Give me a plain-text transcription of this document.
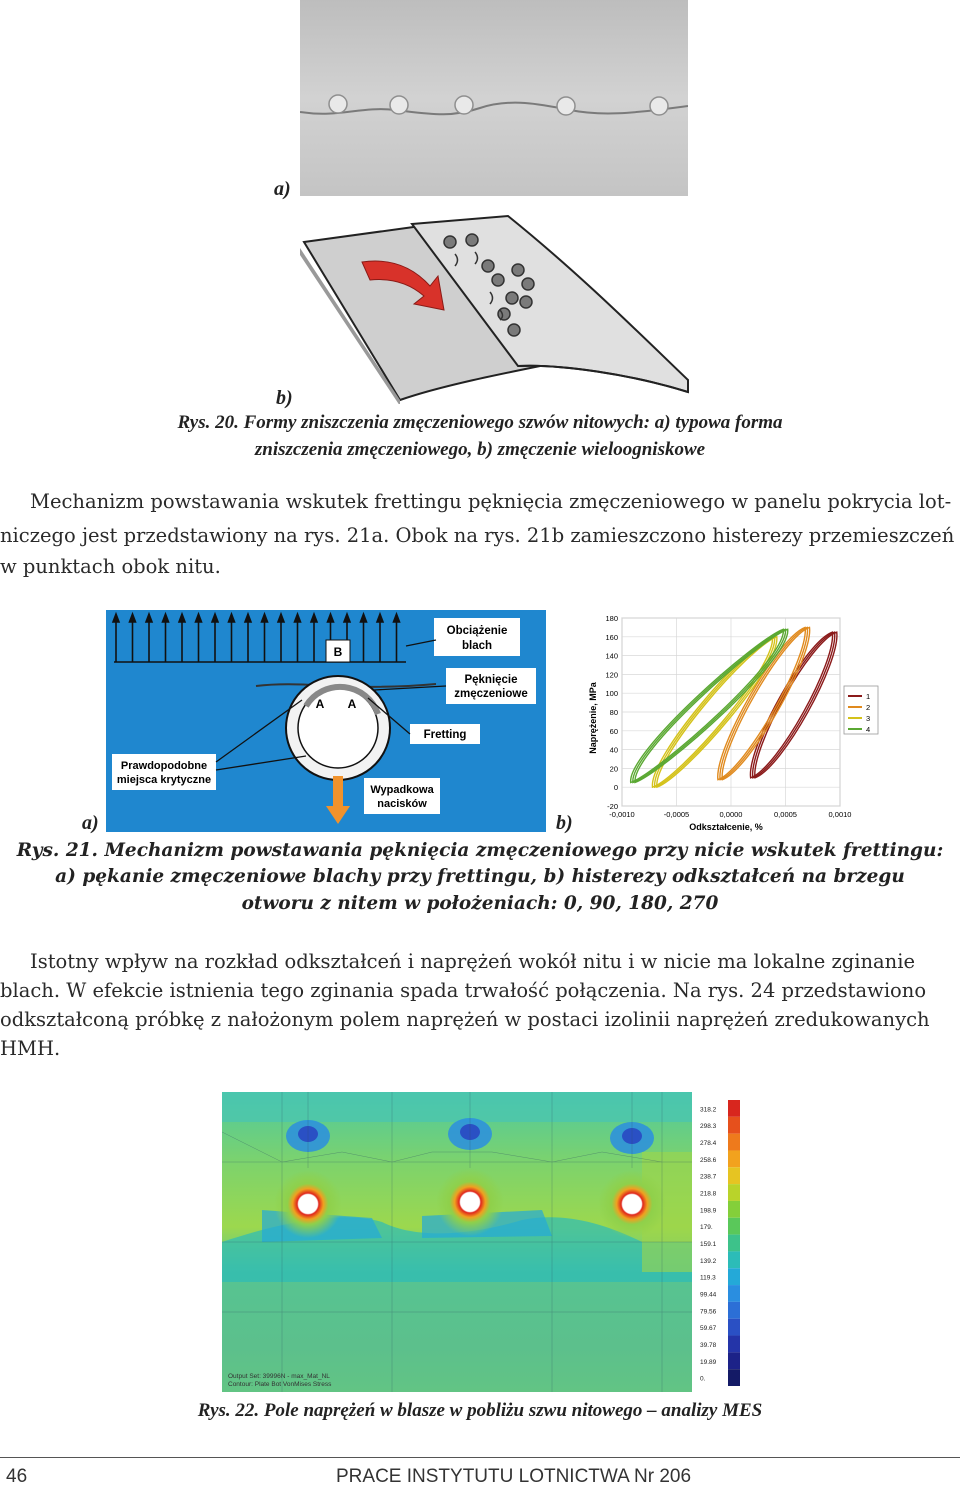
a)
b)
Rys. 20. Formy zniszczenia zmęczeniowego szwów nitowych: a) typowa forma
zniszczenia zmęczeniowego, b) zmęczenie wieloogniskowe
Mechanizm powstawania wskutek frettingu pęknięcia zmęczeniowego w panelu pokrycia lot-
niczego jest przedstawiony na rys. 21a. Obok na rys. 21b zamieszczono histerezy przemieszczeń
w punktach obok nitu.
B
A A
Obciążenie
blach
Pęknięcie
zmęczeniowe
Fretting
Prawdopodobne
miejsca krytyczne
Wypadkowa
nacisków
a)
180
160
140
120
100
80
60
40
20
0
-20
-0,0010	-0,0005	0,0000	0,0005	0,0010
1
2
3
4
Naprężenie, MPa
Odkształcenie, %
b)
Rys. 21. Mechanizm powstawania pęknięcia zmęczeniowego przy nicie wskutek frettingu:
a) pękanie zmęczeniowe blachy przy frettingu, b) histerezy odkształceń na brzegu
otworu z nitem w położeniach: 0, 90, 180, 270
Istotny wpływ na rozkład odkształceń i naprężeń wokół nitu i w nicie ma lokalne zginanie
blach. W efekcie istnienia tego zginania spada trwałość połączenia. Na rys. 24 przedstawiono
odkształconą próbkę z nałożonym polem naprężeń w postaci izolinii naprężeń zredukowanych
HMH.
Output Set: 39996N - max_Mat_NL
Contour: Plate Bot VonMises Stress
318.2
298.3
278.4
258.6
238.7
218.8
198.9
179.
159.1
139.2
119.3
99.44
79.56
59.67
39.78
19.89
0.
Rys. 22. Pole naprężeń w blasze w pobliżu szwu nitowego – analizy MES
46	PRACE INSTYTUTU LOTNICTWA Nr 206
